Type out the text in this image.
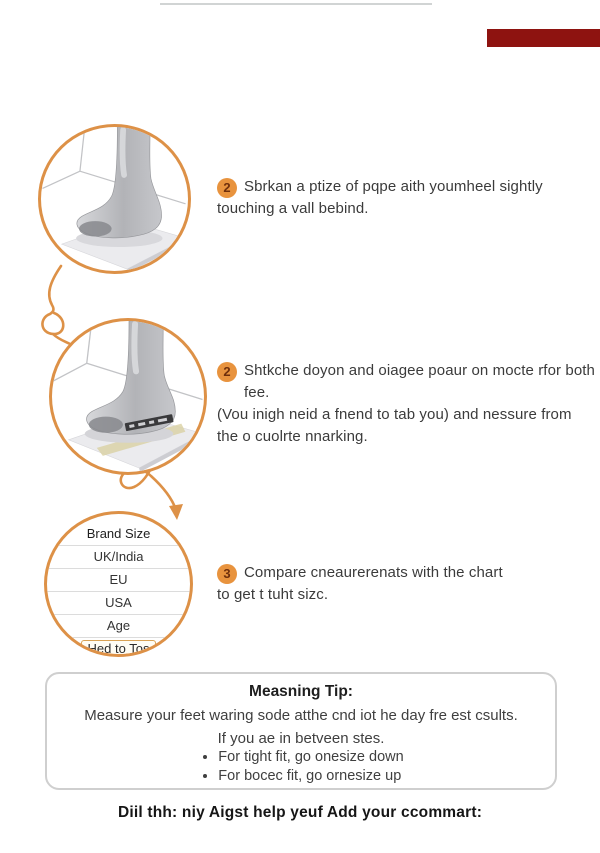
2 Sbrkan a ptize of pqpe aith youmheel sightly
touching a vall bebind.
2 Shtkche doyon and oiagee poaur on mocte rfor both fee.
(Vou inigh neid a fnend to tab you) and nessure from
the o cuolrte nnarking.
Brand Size
UK/India
EU
USA
Age
Hed to Tos
3 Compare cneaurerenats with the chart
to get t tuht sizc.
Measning Tip:
Measure your feet waring sode atthe cnd iot he day fre est csults.
If you ae in betveen stes.
• For tight fit, go onesize down
• For bocec fit, go ornesize up
Diil thh: niy Aigst help yeuf Add your ccommart:
